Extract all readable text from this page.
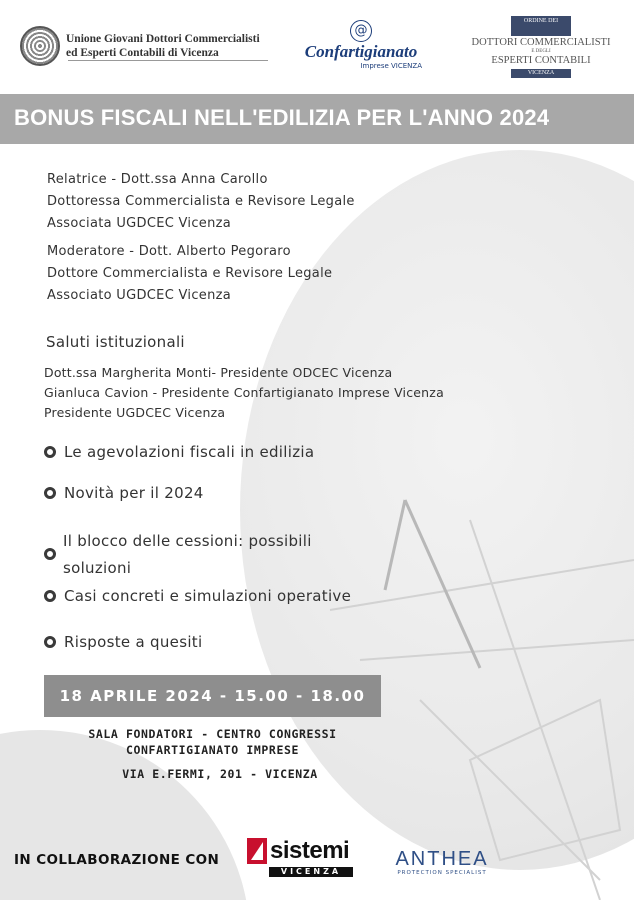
Unione Giovani Dottori Commercialisti
ed Esperti Contabili di Vicenza
@
Confartigianato
Imprese VICENZA
ORDINE DEI
DOTTORI COMMERCIALISTI
E DEGLI
ESPERTI CONTABILI
VICENZA
BONUS FISCALI NELL'EDILIZIA PER L'ANNO 2024
Relatrice - Dott.ssa Anna Carollo
Dottoressa Commercialista e Revisore Legale
Associata UGDCEC Vicenza
Moderatore - Dott. Alberto Pegoraro
Dottore Commercialista e Revisore Legale
Associato UGDCEC Vicenza
Saluti istituzionali
Dott.ssa Margherita Monti- Presidente ODCEC Vicenza
Gianluca Cavion - Presidente Confartigianato Imprese Vicenza
Presidente UGDCEC Vicenza
Le agevolazioni fiscali in edilizia
Novità per il 2024
Il blocco delle cessioni: possibili
soluzioni
Casi concreti e simulazioni operative
Risposte a quesiti
18 APRILE 2024 - 15.00 - 18.00
SALA FONDATORI - CENTRO CONGRESSI
CONFARTIGIANATO IMPRESE
VIA E.FERMI, 201 - VICENZA
IN COLLABORAZIONE CON sistemi
VICENZA
ANTHEA
PROTECTION SPECIALIST
